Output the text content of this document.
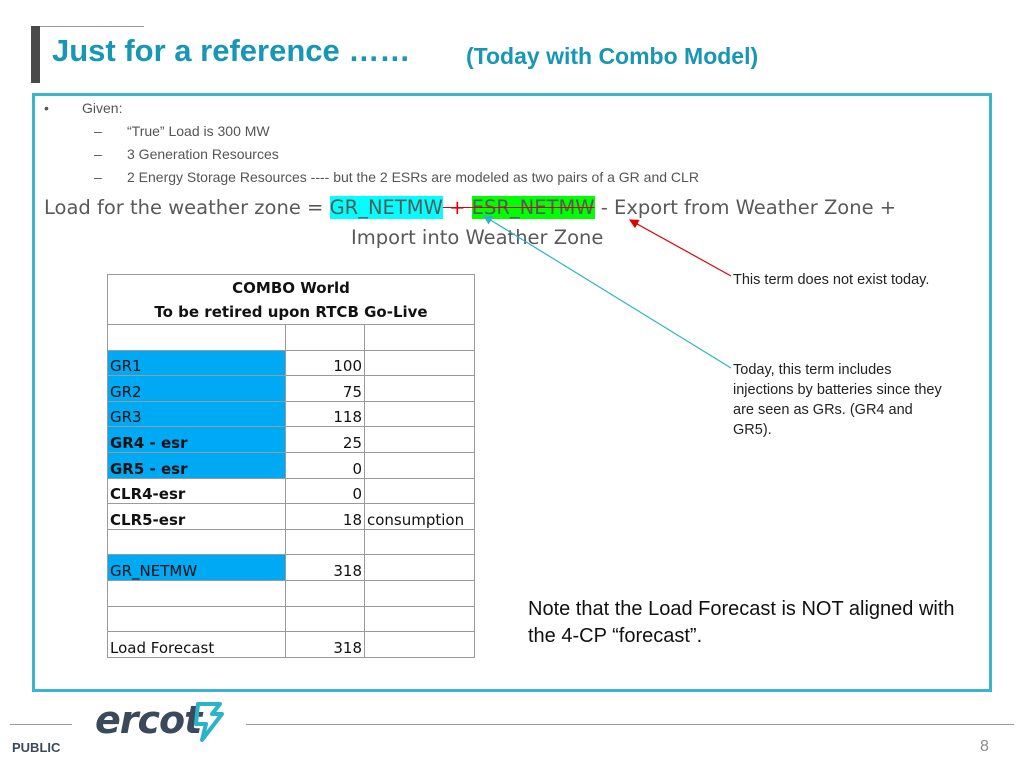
Just for a reference …… (Today with Combo Model)
• Given:
– “True” Load is 300 MW
– 3 Generation Resources
– 2 Energy Storage Resources ---- but the 2 ESRs are modeled as two pairs of a GR and CLR
Load for the weather zone = GR_NETMW + ESR_NETMW - Export from Weather Zone +
Import into Weather Zone
This term does not exist today.
Today, this term includes injections by batteries since they are seen as GRs. (GR4 and GR5).
Note that the Load Forecast is NOT aligned with the 4-CP “forecast”.
COMBO World
To be retired upon RTCB Go-Live		

GR1	100	
GR2	75	
GR3	118	
GR4 - esr	25	
GR5 - esr	0	
CLR4-esr	0	
CLR5-esr	18	consumption

GR_NETMW	318	

Load Forecast	318	
ercot
PUBLIC	8
